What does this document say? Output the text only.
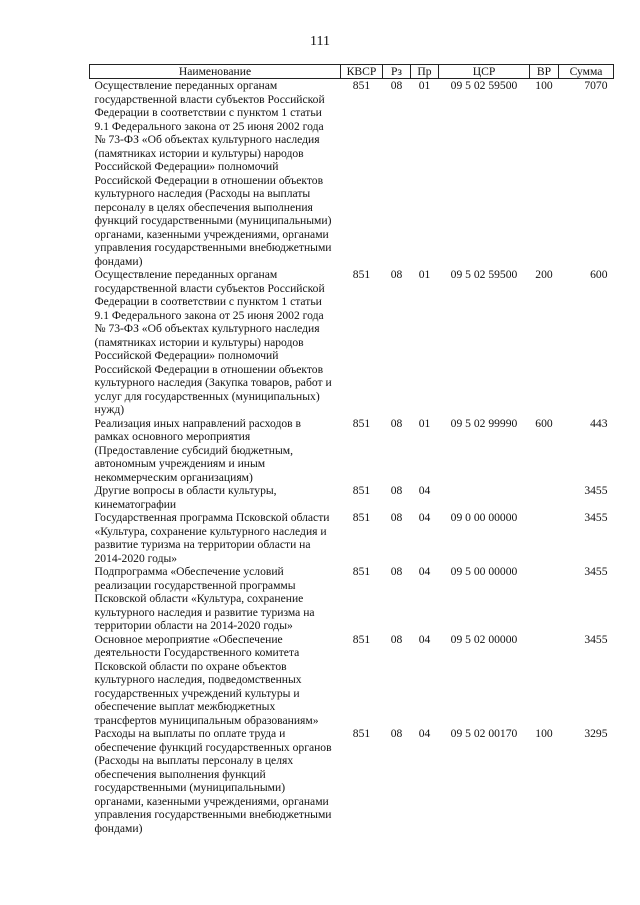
111
Наименование	КВСР	Рз	Пр	ЦСР	ВР	Сумма
Осуществление переданных органам государственной власти субъектов Российской Федерации в соответствии с пунктом 1 статьи 9.1 Федерального закона от 25 июня 2002 года № 73-ФЗ «Об объектах культурного наследия (памятниках истории и культуры) народов Российской Федерации» полномочий Российской Федерации в отношении объектов культурного наследия (Расходы на выплаты персоналу в целях обеспечения выполнения функций государственными (муниципальными) органами, казенными учреждениями, органами управления государственными внебюджетными фондами)	851	08	01	09 5 02 59500	100	7070
Осуществление переданных органам государственной власти субъектов Российской Федерации в соответствии с пунктом 1 статьи 9.1 Федерального закона от 25 июня 2002 года № 73-ФЗ «Об объектах культурного наследия (памятниках истории и культуры) народов Российской Федерации» полномочий Российской Федерации в отношении объектов культурного наследия (Закупка товаров, работ и услуг для государственных (муниципальных) нужд)	851	08	01	09 5 02 59500	200	600
Реализация иных направлений расходов в рамках основного мероприятия (Предоставление субсидий бюджетным, автономным учреждениям и иным некоммерческим организациям)	851	08	01	09 5 02 99990	600	443
Другие вопросы в области культуры, кинематографии	851	08	04			3455
Государственная программа Псковской области «Культура, сохранение культурного наследия и развитие туризма на территории области на 2014-2020 годы»	851	08	04	09 0 00 00000		3455
Подпрограмма «Обеспечение условий реализации государственной программы Псковской области «Культура, сохранение культурного наследия и развитие туризма на территории области на 2014-2020 годы»	851	08	04	09 5 00 00000		3455
Основное мероприятие «Обеспечение деятельности Государственного комитета Псковской области по охране объектов культурного наследия, подведомственных государственных учреждений культуры и обеспечение выплат межбюджетных трансфертов муниципальным образованиям»	851	08	04	09 5 02 00000		3455
Расходы на выплаты по оплате труда и обеспечение функций государственных органов (Расходы на выплаты персоналу в целях обеспечения выполнения функций государственными (муниципальными) органами, казенными учреждениями, органами управления государственными внебюджетными фондами)	851	08	04	09 5 02 00170	100	3295
